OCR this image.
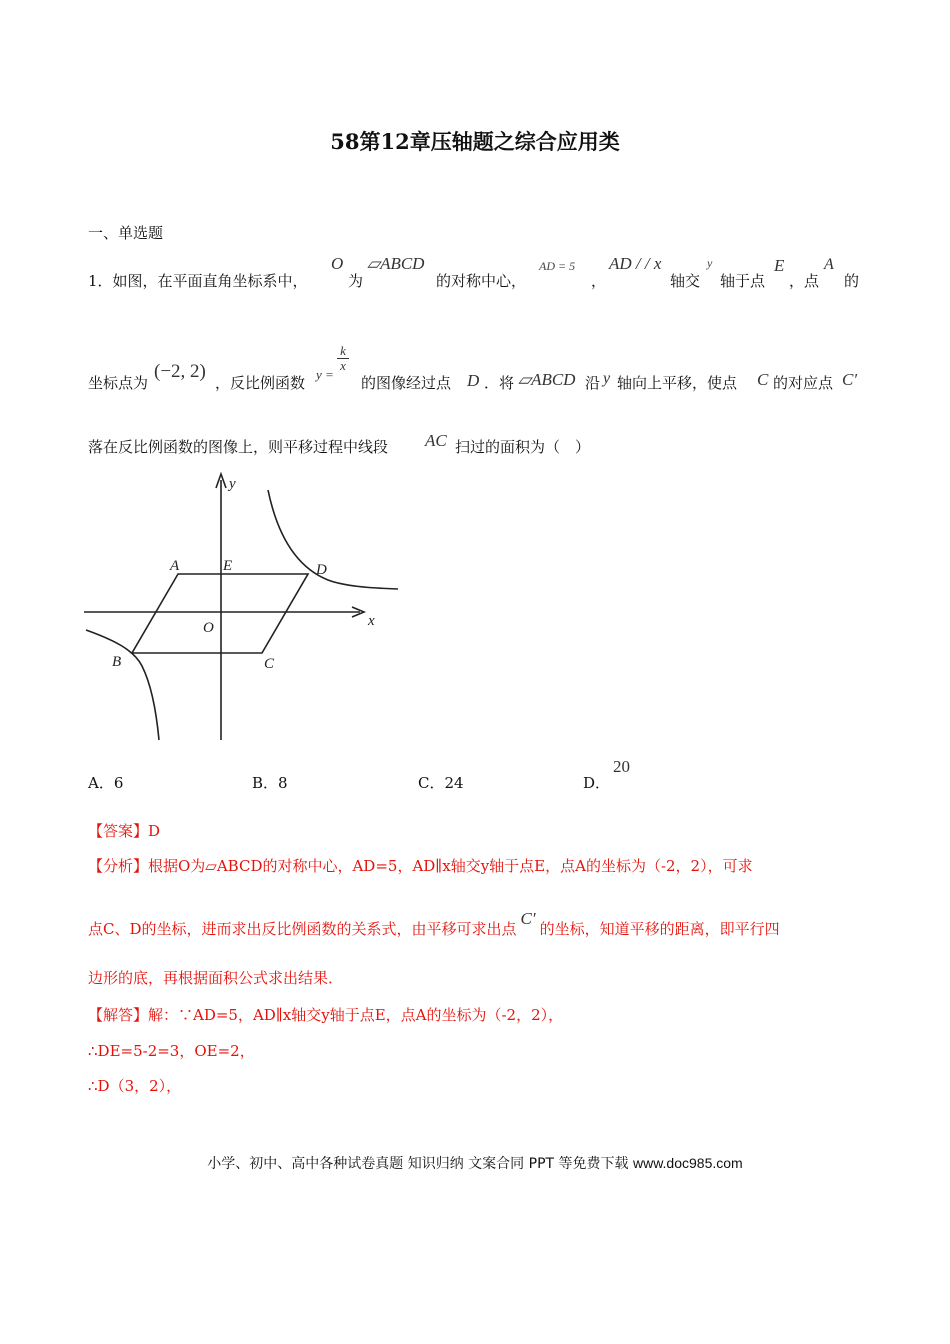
58第12章压轴题之综合应用类
一、单选题
1．如图，在平面直角坐标系中，
O
为
▱ABCD
的对称中心，
AD = 5
，
AD / / x
轴交
y
轴于点
E
，点
A
的
坐标点为
(−2, 2)
，反比例函数 y =
$\frac{k}{x}$
的图像经过点 D ．将 ▱ABCD 沿 y 轴向上平移，使点 C 的对应点 C′
落在反比例函数的图像上，则平移过程中线段 AC 扫过的面积为（　）
y
x
A	E	D
O
B	C
A．6	B．8	C．24	D．
20
【答案】D
【分析】根据O为▱ABCD的对称中心，AD=5，AD∥x轴交y轴于点E，点A的坐标为（-2，2），可求
点C、D的坐标，进而求出反比例函数的关系式，由平移可求出点C′的坐标，知道平移的距离，即平行四
边形的底，再根据面积公式求出结果．
【解答】解：∵AD=5，AD∥x轴交y轴于点E，点A的坐标为（-2，2），
∴DE=5-2=3，OE=2，
∴D（3，2），
小学、初中、高中各种试卷真题 知识归纳 文案合同 PPT 等免费下载 www.doc985.com
